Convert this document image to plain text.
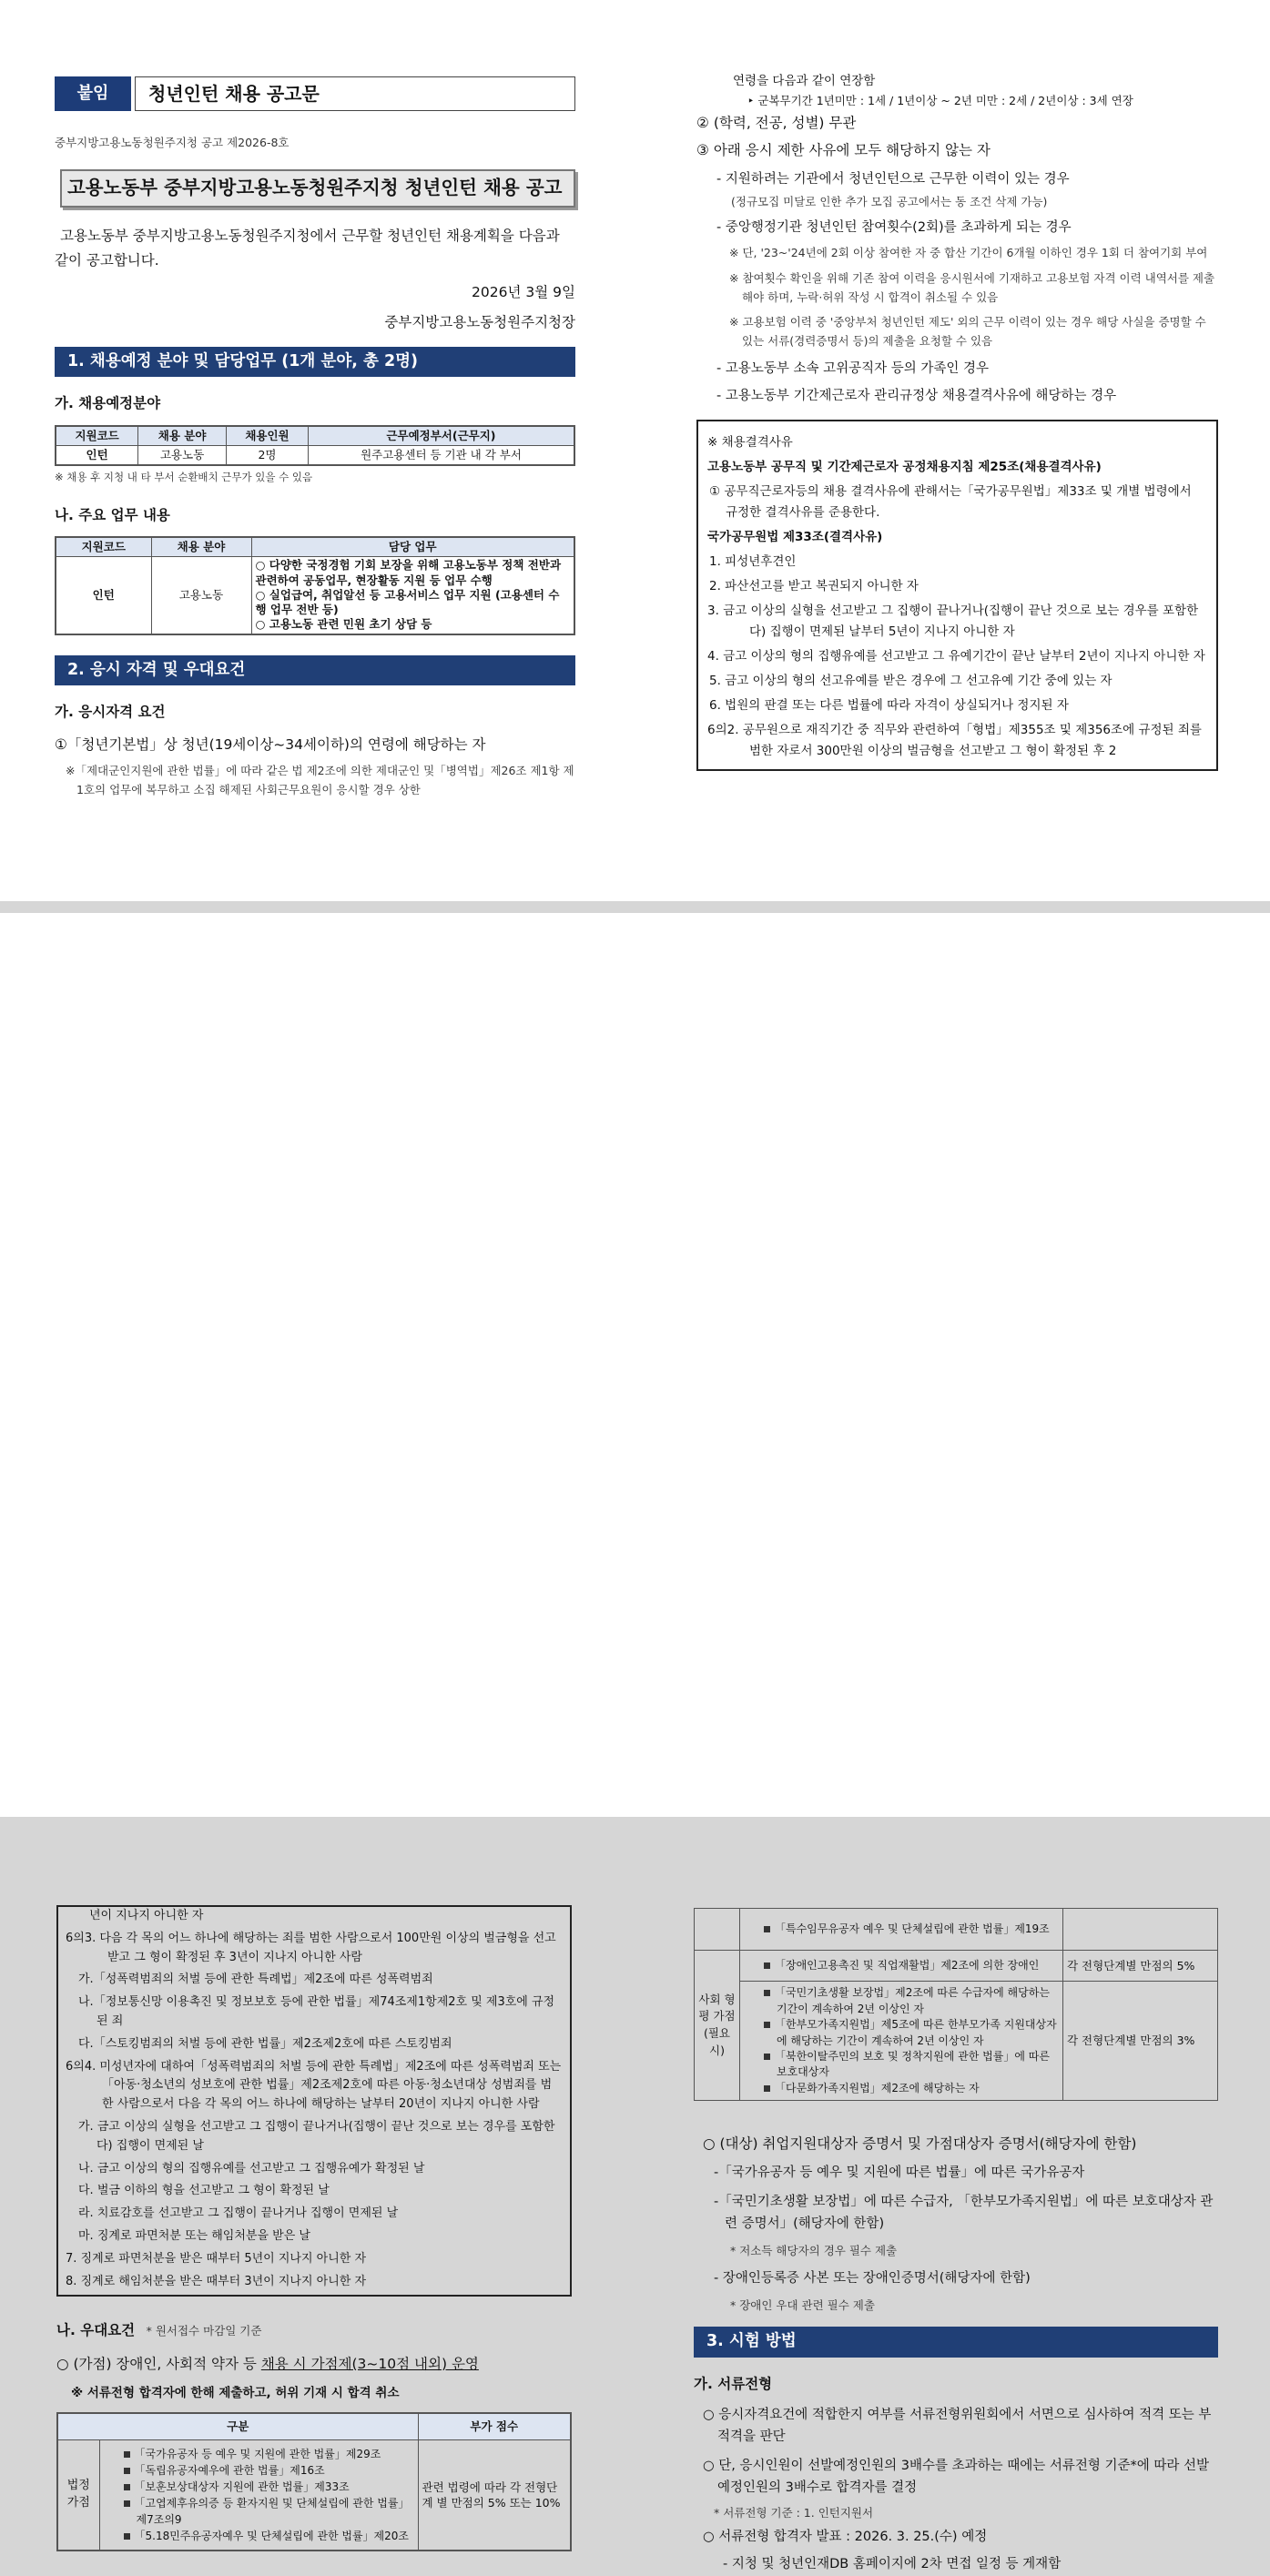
붙임	청년인턴 채용 공고문
중부지방고용노동청원주지청 공고 제2026-8호
고용노동부 중부지방고용노동청원주지청 청년인턴 채용 공고
고용노동부 중부지방고용노동청원주지청에서 근무할 청년인턴 채용계획을 다음과 같이 공고합니다.
2026년 3월 9일
중부지방고용노동청원주지청장
1. 채용예정 분야 및 담당업무 (1개 분야, 총 2명)
가. 채용예정분야
지원코드	채용 분야	채용인원	근무예정부서(근무지)
인턴	고용노동	2명	원주고용센터 등 기관 내 각 부서
※ 채용 후 지청 내 타 부서 순환배치 근무가 있을 수 있음
나. 주요 업무 내용
지원코드	채용 분야	담당 업무
인턴	고용노동	○ 다양한 국정경험 기회 보장을 위해 고용노동부 정책 전반과 관련하여 공동업무, 현장활동 지원 등 업무 수행
○ 실업급여, 취업알선 등 고용서비스 업무 지원 (고용센터 수행 업무 전반 등)
○ 고용노동 관련 민원 초기 상담 등
2. 응시 자격 및 우대요건
가. 응시자격 요건
①「청년기본법」상 청년(19세이상~34세이하)의 연령에 해당하는 자
※「제대군인지원에 관한 법률」에 따라 같은 법 제2조에 의한 제대군인 및「병역법」제26조 제1항 제1호의 업무에 복무하고 소집 해제된 사회근무요원이 응시할 경우 상한
연령을 다음과 같이 연장함
‣ 군복무기간 1년미만 : 1세 / 1년이상 ~ 2년 미만 : 2세 / 2년이상 : 3세 연장
② (학력, 전공, 성별) 무관
③ 아래 응시 제한 사유에 모두 해당하지 않는 자
- 지원하려는 기관에서 청년인턴으로 근무한 이력이 있는 경우
(정규모집 미달로 인한 추가 모집 공고에서는 동 조건 삭제 가능)
- 중앙행정기관 청년인턴 참여횟수(2회)를 초과하게 되는 경우
※ 단, '23~'24년에 2회 이상 참여한 자 중 합산 기간이 6개월 이하인 경우 1회 더 참여기회 부여
※ 참여횟수 확인을 위해 기존 참여 이력을 응시원서에 기재하고 고용보험 자격 이력 내역서를 제출해야 하며, 누락·허위 작성 시 합격이 취소될 수 있음
※ 고용보험 이력 중 '중앙부처 청년인턴 제도' 외의 근무 이력이 있는 경우 해당 사실을 증명할 수 있는 서류(경력증명서 등)의 제출을 요청할 수 있음
- 고용노동부 소속 고위공직자 등의 가족인 경우
- 고용노동부 기간제근로자 관리규정상 채용결격사유에 해당하는 경우

※ 채용결격사유

고용노동부 공무직 및 기간제근로자 공정채용지침 제25조(채용결격사유)

① 공무직근로자등의 채용 결격사유에 관해서는「국가공무원법」제33조 및 개별 법령에서 규정한 결격사유를 준용한다.

국가공무원법 제33조(결격사유)

1. 피성년후견인

2. 파산선고를 받고 복권되지 아니한 자

3. 금고 이상의 실형을 선고받고 그 집행이 끝나거나(집행이 끝난 것으로 보는 경우를 포함한다) 집행이 면제된 날부터 5년이 지나지 아니한 자

4. 금고 이상의 형의 집행유예를 선고받고 그 유예기간이 끝난 날부터 2년이 지나지 아니한 자

5. 금고 이상의 형의 선고유예를 받은 경우에 그 선고유예 기간 중에 있는 자

6. 법원의 판결 또는 다른 법률에 따라 자격이 상실되거나 정지된 자

6의2. 공무원으로 재직기간 중 직무와 관련하여「형법」제355조 및 제356조에 규정된 죄를 범한 자로서 300만원 이상의 벌금형을 선고받고 그 형이 확정된 후 2

년이 지나지 아니한 자

6의3. 다음 각 목의 어느 하나에 해당하는 죄를 범한 사람으로서 100만원 이상의 벌금형을 선고받고 그 형이 확정된 후 3년이 지나지 아니한 사람

가.「성폭력범죄의 처벌 등에 관한 특례법」제2조에 따른 성폭력범죄

나.「정보통신망 이용촉진 및 정보보호 등에 관한 법률」제74조제1항제2호 및 제3호에 규정된 죄

다.「스토킹범죄의 처벌 등에 관한 법률」제2조제2호에 따른 스토킹범죄

6의4. 미성년자에 대하여「성폭력범죄의 처벌 등에 관한 특례법」제2조에 따른 성폭력범죄 또는「아동·청소년의 성보호에 관한 법률」제2조제2호에 따른 아동·청소년대상 성범죄를 범한 사람으로서 다음 각 목의 어느 하나에 해당하는 날부터 20년이 지나지 아니한 사람

가. 금고 이상의 실형을 선고받고 그 집행이 끝나거나(집행이 끝난 것으로 보는 경우를 포함한다) 집행이 면제된 날

나. 금고 이상의 형의 집행유예를 선고받고 그 집행유예가 확정된 날

다. 벌금 이하의 형을 선고받고 그 형이 확정된 날

라. 치료감호를 선고받고 그 집행이 끝나거나 집행이 면제된 날

마. 징계로 파면처분 또는 해임처분을 받은 날

7. 징계로 파면처분을 받은 때부터 5년이 지나지 아니한 자

8. 징계로 해임처분을 받은 때부터 3년이 지나지 아니한 자

나. 우대요건 * 원서접수 마감일 기준
○ (가점) 장애인, 사회적 약자 등 채용 시 가점제(3~10점 내외) 운영
※ 서류전형 합격자에 한해 제출하고, 허위 기재 시 합격 취소
구분		부가 점수
법정 가점	「국가유공자 등 예우 및 지원에 관한 법률」제29조
「독립유공자예우에 관한 법률」제16조
「보훈보상대상자 지원에 관한 법률」제33조
「고엽제후유의증 등 환자지원 및 단체설립에 관한 법률」제7조의9
「5.18민주유공자예우 및 단체설립에 관한 법률」제20조	관련 법령에 따라 각 전형단계 별 만점의 5% 또는 10%

	「특수임무유공자 예우 및 단체설립에 관한 법률」제19조	

사회 형평 가점 (필요시)	「장애인고용촉진 및 직업재활법」제2조에 의한 장애인	각 전형단계별 만점의 5%

	「국민기초생활 보장법」제2조에 따른 수급자에 해당하는 기간이 계속하여 2년 이상인 자
「한부모가족지원법」제5조에 따른 한부모가족 지원대상자에 해당하는 기간이 계속하여 2년 이상인 자
「북한이탈주민의 보호 및 정착지원에 관한 법률」에 따른 보호대상자
「다문화가족지원법」제2조에 해당하는 자	각 전형단계별 만점의 3%
○ (대상) 취업지원대상자 증명서 및 가점대상자 증명서(해당자에 한함)
-「국가유공자 등 예우 및 지원에 따른 법률」에 따른 국가유공자
-「국민기초생활 보장법」에 따른 수급자, 「한부모가족지원법」에 따른 보호대상자 관련 증명서」(해당자에 한함)
* 저소득 해당자의 경우 필수 제출
- 장애인등록증 사본 또는 장애인증명서(해당자에 한함)
* 장애인 우대 관련 필수 제출
3. 시험 방법
가. 서류전형
○ 응시자격요건에 적합한지 여부를 서류전형위원회에서 서면으로 심사하여 적격 또는 부적격을 판단
○ 단, 응시인원이 선발예정인원의 3배수를 초과하는 때에는 서류전형 기준*에 따라 선발예정인원의 3배수로 합격자를 결정
* 서류전형 기준 : 1. 인턴지원서
○ 서류전형 합격자 발표 : 2026. 3. 25.(수) 예정
- 지청 및 청년인재DB 홈페이지에 2차 면접 일정 등 게재함
